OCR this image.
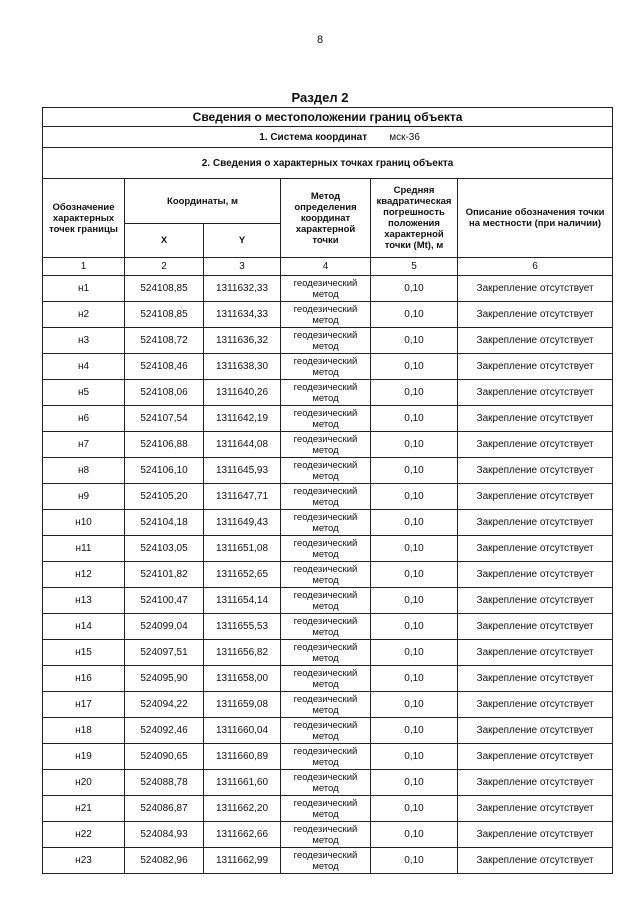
8
Раздел 2
Сведения о местоположении границ объекта					
1. Система координат мск-36					
2. Сведения о характерных точках границ объекта					
Обозначение характерных точек границы	Координаты, м		Метод определения координат характерной точки	Средняя квадратическая погрешность положения характерной точки (Mt), м	Описание обозначения точки на местности (при наличии)
	X	Y			
1	2	3	4	5	6
н1	524108,85	1311632,33	геодезический метод	0,10	Закрепление отсутствует
н2	524108,85	1311634,33	геодезический метод	0,10	Закрепление отсутствует
н3	524108,72	1311636,32	геодезический метод	0,10	Закрепление отсутствует
н4	524108,46	1311638,30	геодезический метод	0,10	Закрепление отсутствует
н5	524108,06	1311640,26	геодезический метод	0,10	Закрепление отсутствует
н6	524107,54	1311642,19	геодезический метод	0,10	Закрепление отсутствует
н7	524106,88	1311644,08	геодезический метод	0,10	Закрепление отсутствует
н8	524106,10	1311645,93	геодезический метод	0,10	Закрепление отсутствует
н9	524105,20	1311647,71	геодезический метод	0,10	Закрепление отсутствует
н10	524104,18	1311649,43	геодезический метод	0,10	Закрепление отсутствует
н11	524103,05	1311651,08	геодезический метод	0,10	Закрепление отсутствует
н12	524101,82	1311652,65	геодезический метод	0,10	Закрепление отсутствует
н13	524100,47	1311654,14	геодезический метод	0,10	Закрепление отсутствует
н14	524099,04	1311655,53	геодезический метод	0,10	Закрепление отсутствует
н15	524097,51	1311656,82	геодезический метод	0,10	Закрепление отсутствует
н16	524095,90	1311658,00	геодезический метод	0,10	Закрепление отсутствует
н17	524094,22	1311659,08	геодезический метод	0,10	Закрепление отсутствует
н18	524092,46	1311660,04	геодезический метод	0,10	Закрепление отсутствует
н19	524090,65	1311660,89	геодезический метод	0,10	Закрепление отсутствует
н20	524088,78	1311661,60	геодезический метод	0,10	Закрепление отсутствует
н21	524086,87	1311662,20	геодезический метод	0,10	Закрепление отсутствует
н22	524084,93	1311662,66	геодезический метод	0,10	Закрепление отсутствует
н23	524082,96	1311662,99	геодезический метод	0,10	Закрепление отсутствует
